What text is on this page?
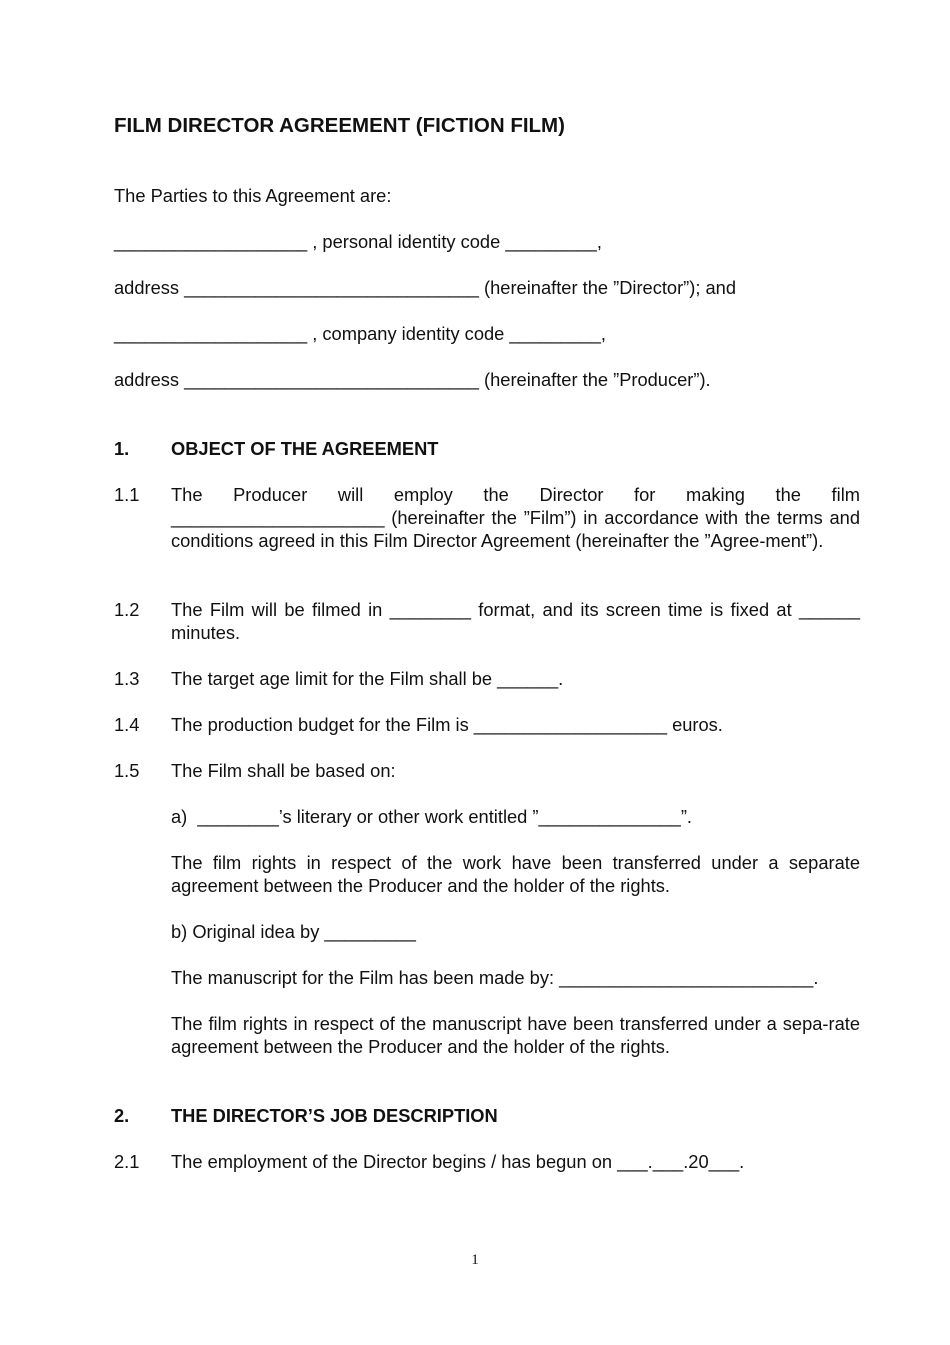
FILM DIRECTOR AGREEMENT (FICTION FILM)
The Parties to this Agreement are:
___________________ , personal identity code _________,
address _____________________________ (hereinafter the ”Director”); and
___________________ , company identity code _________,
address _____________________________ (hereinafter the ”Producer”).
1. OBJECT OF THE AGREEMENT
1.1 The Producer will employ the Director for making the film
_____________________ (hereinafter the ”Film”) in accordance with the terms and conditions agreed in this Film Director Agreement (hereinafter the ”Agree-ment”).
1.2 The Film will be filmed in ________ format, and its screen time is fixed at ______ minutes.
1.3 The target age limit for the Film shall be ______.
1.4 The production budget for the Film is ___________________ euros.
1.5 The Film shall be based on:
a)  ________’s literary or other work entitled ”______________”.
The film rights in respect of the work have been transferred under a separate agreement between the Producer and the holder of the rights.
b) Original idea by _________
The manuscript for the Film has been made by: _________________________.
The film rights in respect of the manuscript have been transferred under a sepa-rate agreement between the Producer and the holder of the rights.
2. THE DIRECTOR’S JOB DESCRIPTION
2.1 The employment of the Director begins / has begun on ___.___.20___.
1
